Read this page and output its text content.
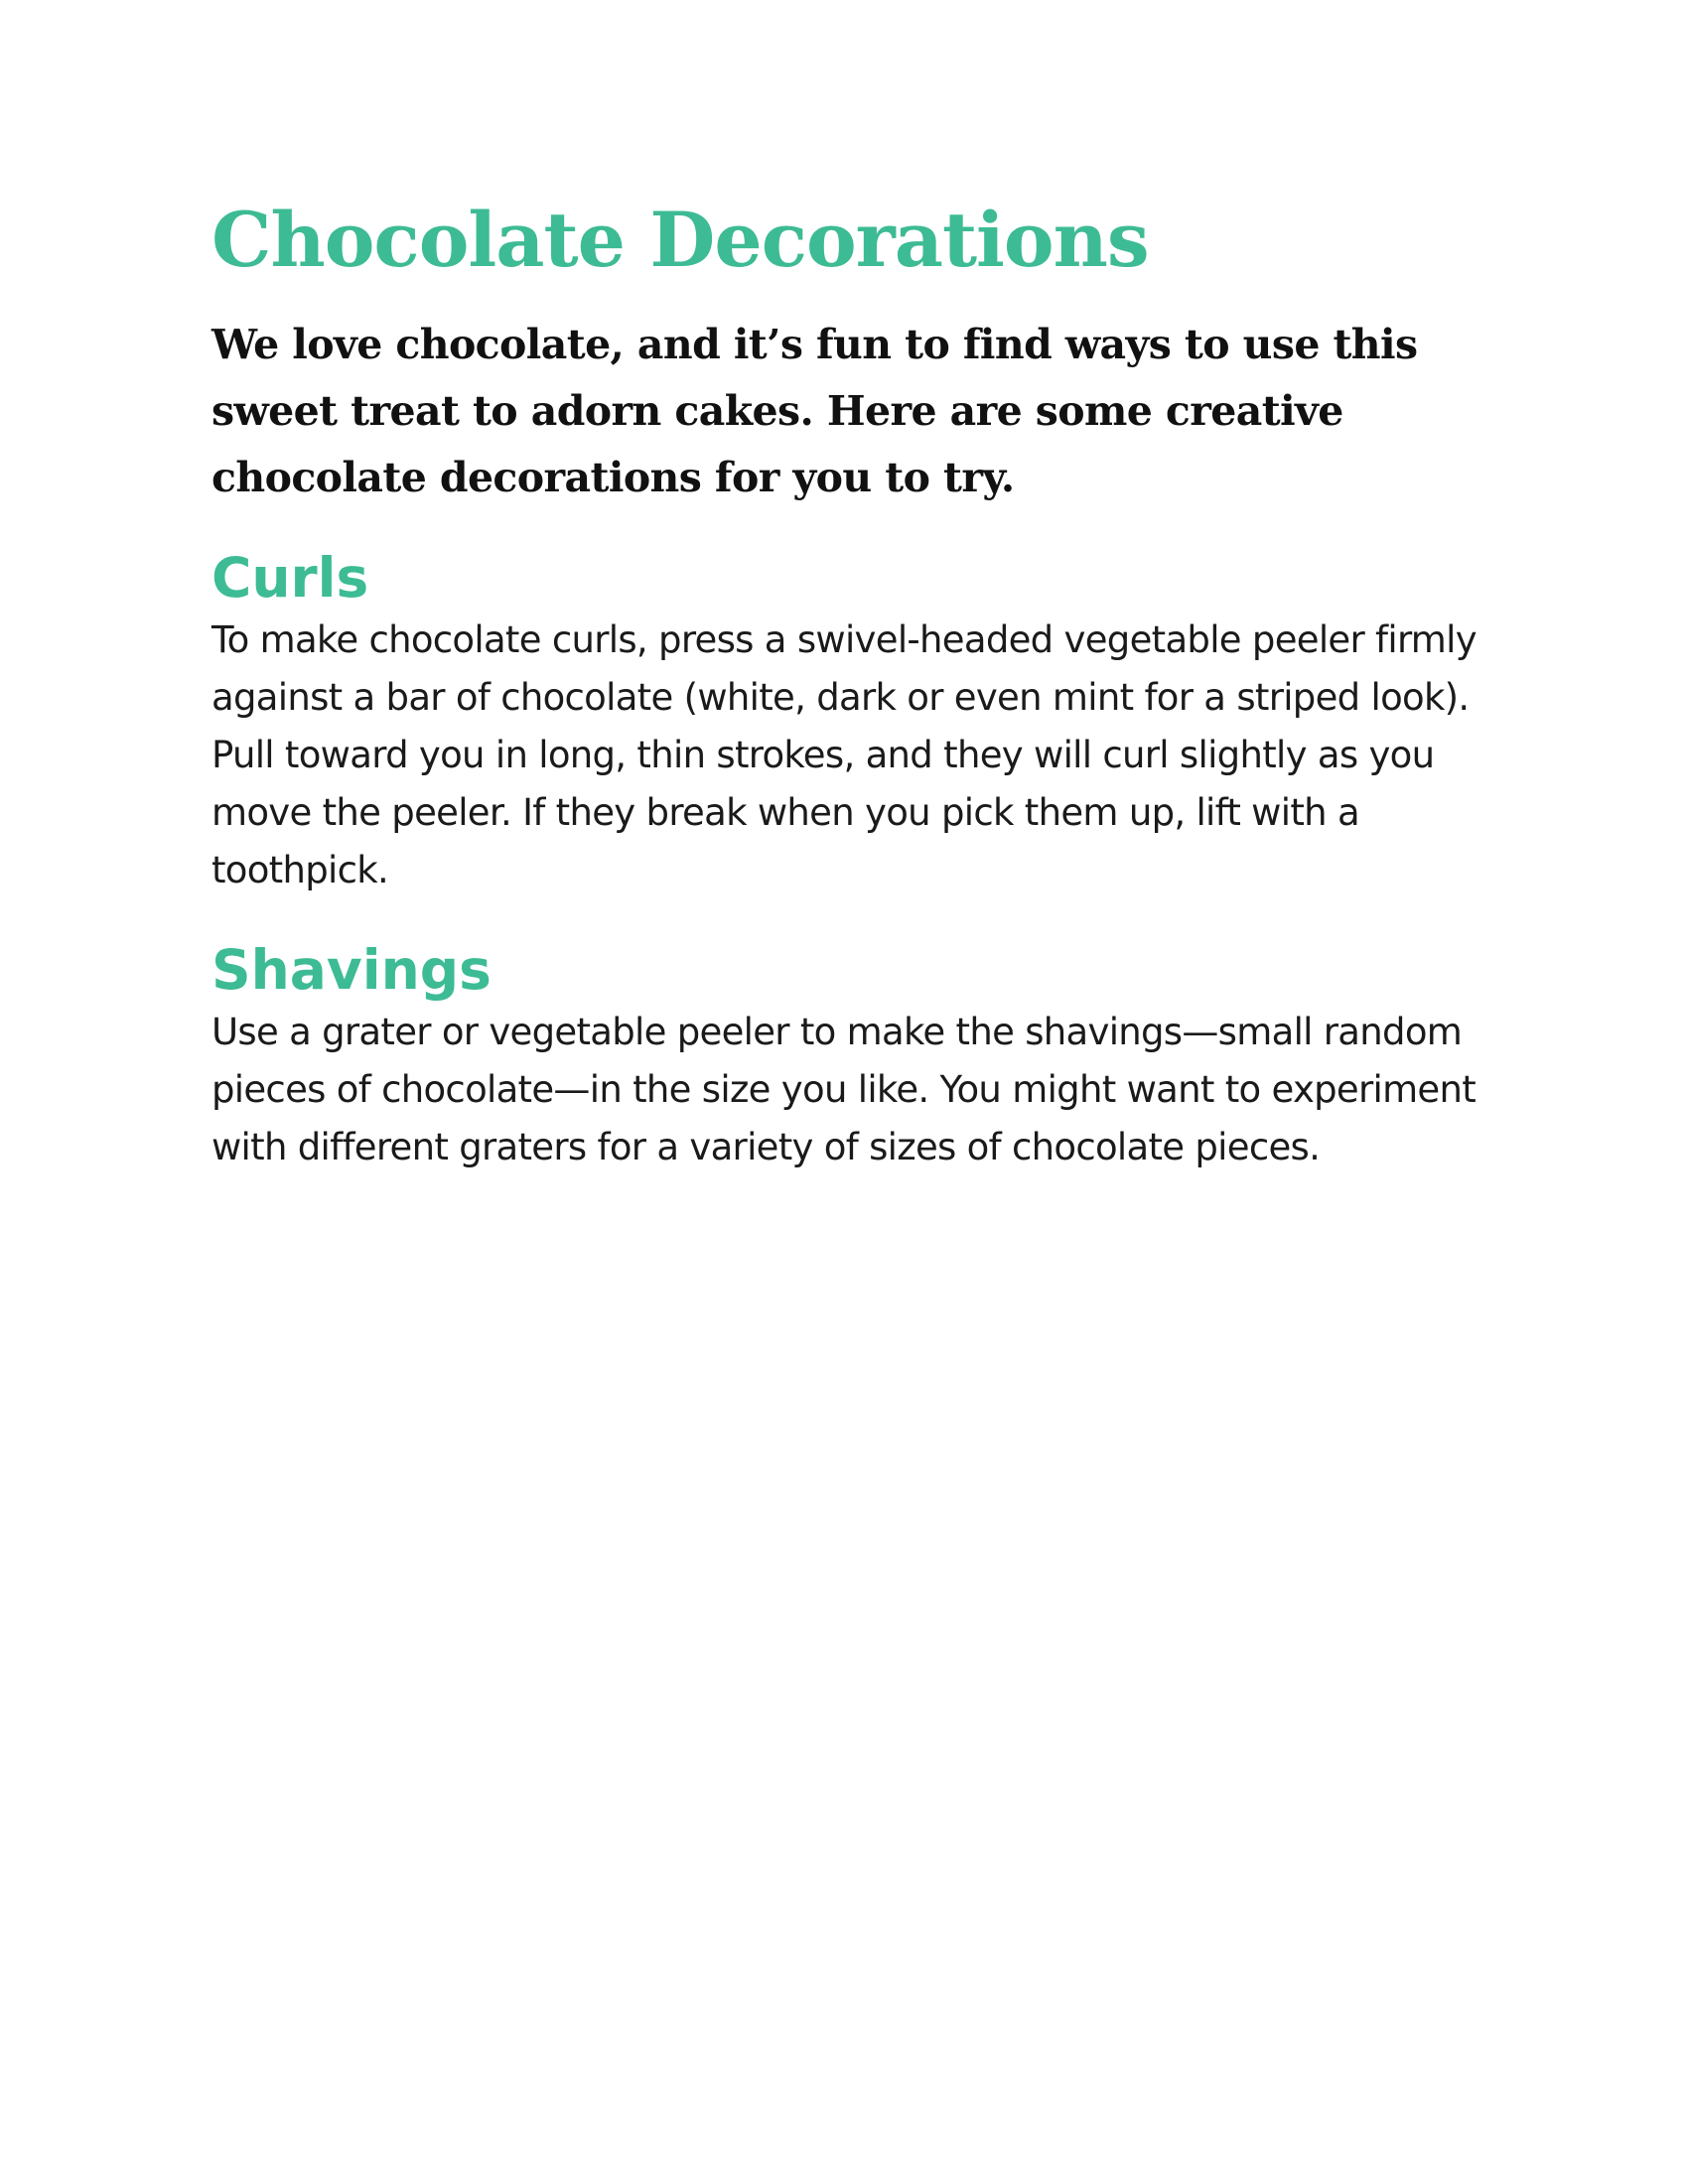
Chocolate Decorations

We love chocolate, and it’s fun to find ways to use this sweet treat to adorn cakes. Here are some creative chocolate decorations for you to try.

Curls

To make chocolate curls, press a swivel-headed vegetable peeler firmly against a bar of chocolate (white, dark or even mint for a striped look). Pull toward you in long, thin strokes, and they will curl slightly as you move the peeler. If they break when you pick them up, lift with a toothpick.

Shavings

Use a grater or vegetable peeler to make the shavings—small random pieces of chocolate—in the size you like. You might want to experiment with different graters for a variety of sizes of chocolate pieces.
